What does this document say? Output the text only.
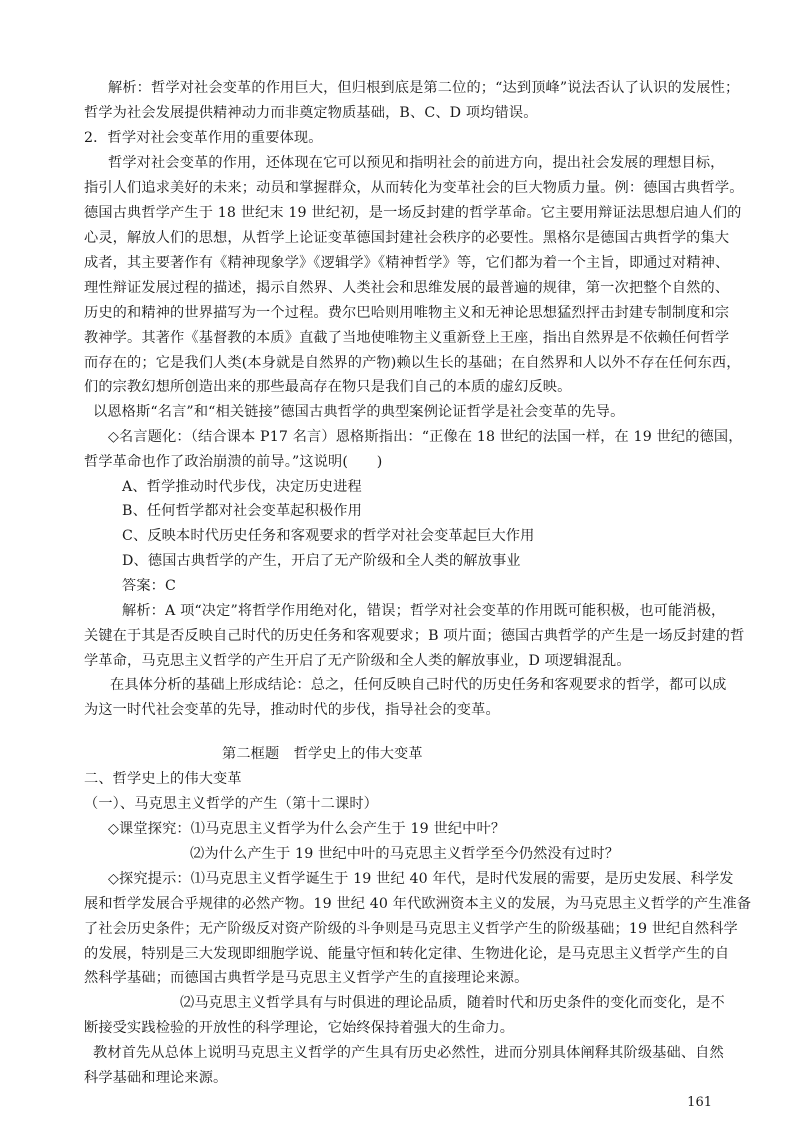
解析：哲学对社会变革的作用巨大，但归根到底是第二位的；“达到顶峰”说法否认了认识的发展性；
哲学为社会发展提供精神动力而非奠定物质基础，B、C、D 项均错误。
2．哲学对社会变革作用的重要体现。
哲学对社会变革的作用，还体现在它可以预见和指明社会的前进方向，提出社会发展的理想目标，
指引人们追求美好的未来；动员和掌握群众，从而转化为变革社会的巨大物质力量。例：德国古典哲学。
德国古典哲学产生于 18 世纪末 19 世纪初，是一场反封建的哲学革命。它主要用辩证法思想启迪人们的
心灵，解放人们的思想，从哲学上论证变革德国封建社会秩序的必要性。黑格尔是德国古典哲学的集大
成者，其主要著作有《精神现象学》《逻辑学》《精神哲学》等，它们都为着一个主旨，即通过对精神、
理性辩证发展过程的描述，揭示自然界、人类社会和思维发展的最普遍的规律，第一次把整个自然的、
历史的和精神的世界描写为一个过程。费尔巴哈则用唯物主义和无神论思想猛烈抨击封建专制制度和宗
教神学。其著作《基督教的本质》直截了当地使唯物主义重新登上王座，指出自然界是不依赖任何哲学
而存在的；它是我们人类(本身就是自然界的产物)赖以生长的基础；在自然界和人以外不存在任何东西，
们的宗教幻想所创造出来的那些最高存在物只是我们自己的本质的虚幻反映。
以恩格斯“名言”和“相关链接”德国古典哲学的典型案例论证哲学是社会变革的先导。
◇名言题化：（结合课本 P17 名言）恩格斯指出：“正像在 18 世纪的法国一样，在 19 世纪的德国，
哲学革命也作了政治崩溃的前导。”这说明(　　)
A、哲学推动时代步伐，决定历史进程
B、任何哲学都对社会变革起积极作用
C、反映本时代历史任务和客观要求的哲学对社会变革起巨大作用
D、德国古典哲学的产生，开启了无产阶级和全人类的解放事业
答案：C
解析：A 项“决定”将哲学作用绝对化，错误；哲学对社会变革的作用既可能积极，也可能消极，
关键在于其是否反映自己时代的历史任务和客观要求；B 项片面；德国古典哲学的产生是一场反封建的哲
学革命，马克思主义哲学的产生开启了无产阶级和全人类的解放事业，D 项逻辑混乱。
在具体分析的基础上形成结论：总之，任何反映自己时代的历史任务和客观要求的哲学，都可以成
为这一时代社会变革的先导，推动时代的步伐，指导社会的变革。
第二框题　哲学史上的伟大变革
二、哲学史上的伟大变革
（一）、马克思主义哲学的产生（第十二课时）
◇课堂探究：⑴马克思主义哲学为什么会产生于 19 世纪中叶？
⑵为什么产生于 19 世纪中叶的马克思主义哲学至今仍然没有过时？
◇探究提示：⑴马克思主义哲学诞生于 19 世纪 40 年代，是时代发展的需要，是历史发展、科学发
展和哲学发展合乎规律的必然产物。19 世纪 40 年代欧洲资本主义的发展，为马克思主义哲学的产生准备
了社会历史条件；无产阶级反对资产阶级的斗争则是马克思主义哲学产生的阶级基础；19 世纪自然科学
的发展，特别是三大发现即细胞学说、能量守恒和转化定律、生物进化论，是马克思主义哲学产生的自
然科学基础；而德国古典哲学是马克思主义哲学产生的直接理论来源。
⑵马克思主义哲学具有与时俱进的理论品质，随着时代和历史条件的变化而变化，是不
断接受实践检验的开放性的科学理论，它始终保持着强大的生命力。
教材首先从总体上说明马克思主义哲学的产生具有历史必然性，进而分别具体阐释其阶级基础、自然
科学基础和理论来源。
161
